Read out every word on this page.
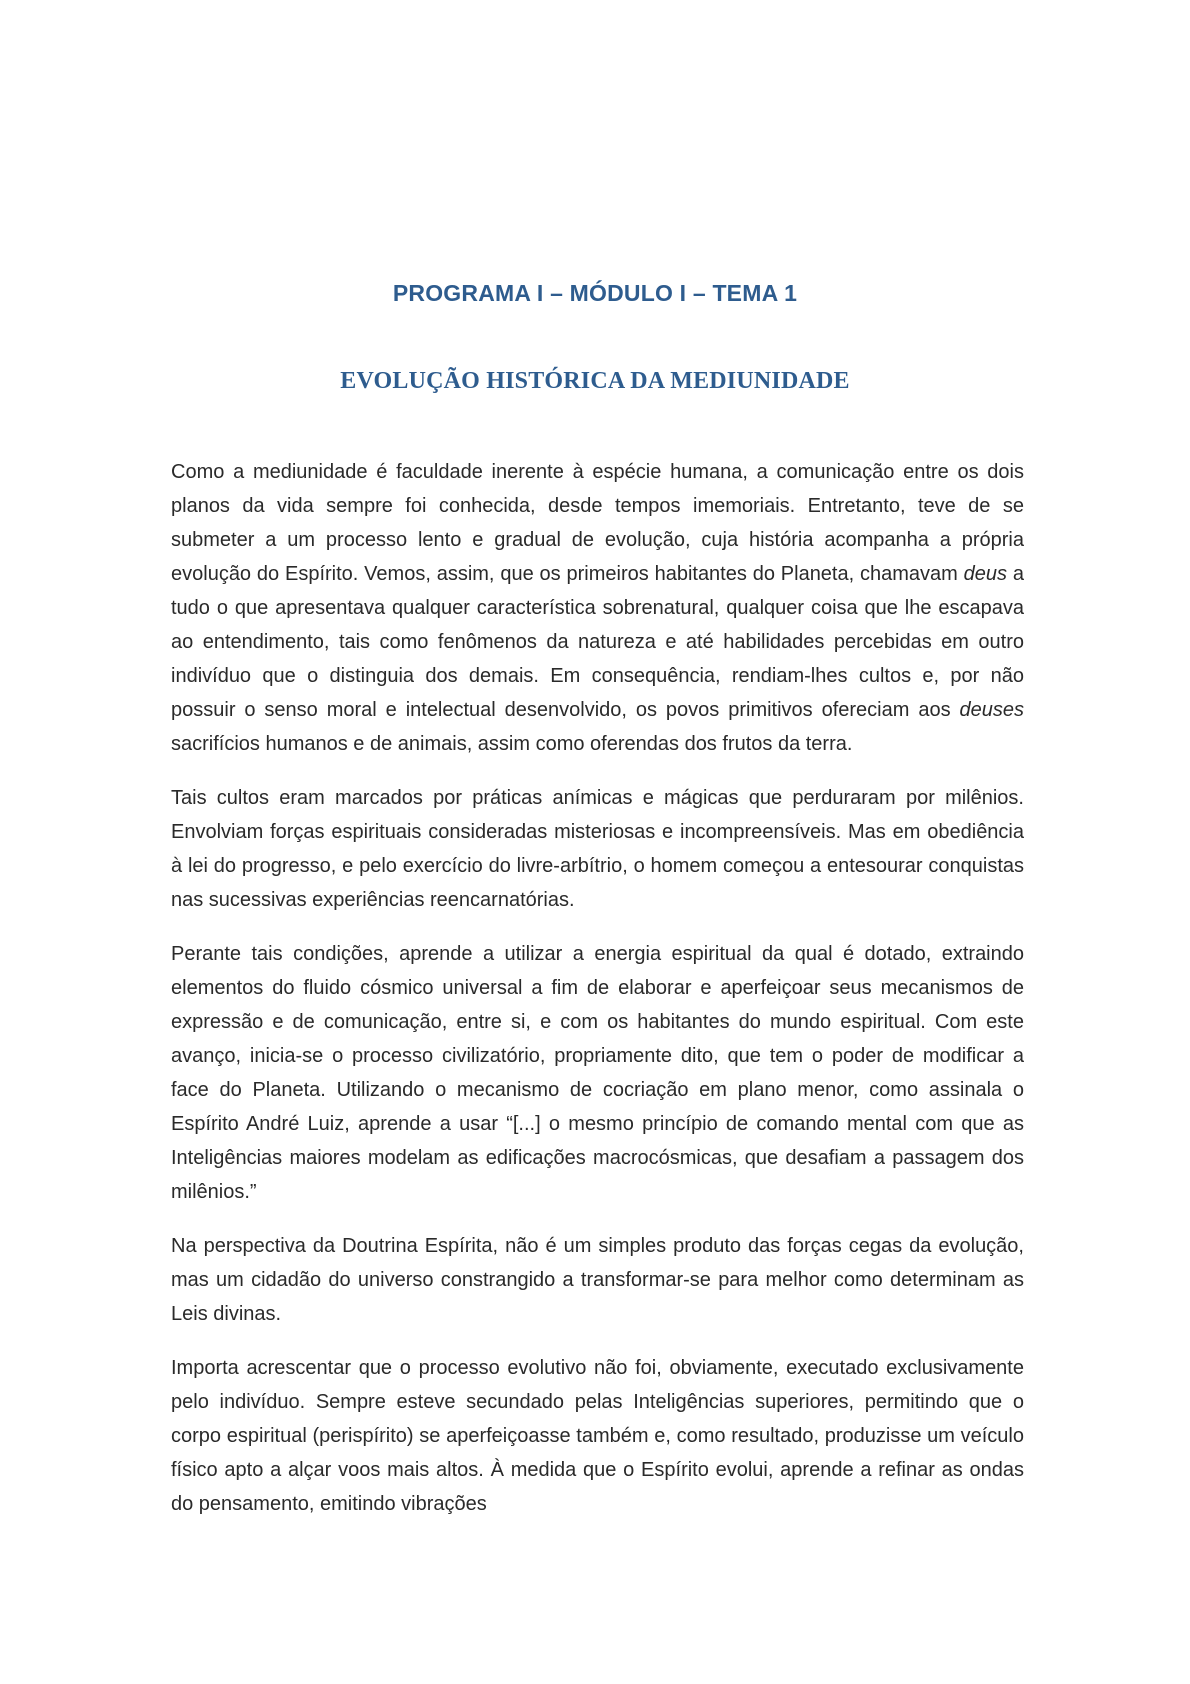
PROGRAMA I – MÓDULO I – TEMA 1
EVOLUÇÃO HISTÓRICA DA MEDIUNIDADE

Como a mediunidade é faculdade inerente à espécie humana, a comunicação entre os dois planos da vida sempre foi conhecida, desde tempos imemoriais. Entretanto, teve de se submeter a um processo lento e gradual de evolução, cuja história acompanha a própria evolução do Espírito. Vemos, assim, que os primeiros habitantes do Planeta, chamavam deus a tudo o que apresentava qualquer característica sobrenatural, qualquer coisa que lhe escapava ao entendimento, tais como fenômenos da natureza e até habilidades percebidas em outro indivíduo que o distinguia dos demais. Em consequência, rendiam-lhes cultos e, por não possuir o senso moral e intelectual desenvolvido, os povos primitivos ofereciam aos deuses sacrifícios humanos e de animais, assim como oferendas dos frutos da terra.

Tais cultos eram marcados por práticas anímicas e mágicas que perduraram por milênios. Envolviam forças espirituais consideradas misteriosas e incompreensíveis. Mas em obediência à lei do progresso, e pelo exercício do livre-arbítrio, o homem começou a entesourar conquistas nas sucessivas experiências reencarnatórias.

Perante tais condições, aprende a utilizar a energia espiritual da qual é dotado, extraindo elementos do fluido cósmico universal a fim de elaborar e aperfeiçoar seus mecanismos de expressão e de comunicação, entre si, e com os habitantes do mundo espiritual. Com este avanço, inicia-se o processo civilizatório, propriamente dito, que tem o poder de modificar a face do Planeta. Utilizando o mecanismo de cocriação em plano menor, como assinala o Espírito André Luiz, aprende a usar “[...] o mesmo princípio de comando mental com que as Inteligências maiores modelam as edificações macrocósmicas, que desafiam a passagem dos milênios.”

Na perspectiva da Doutrina Espírita, não é um simples produto das forças cegas da evolução, mas um cidadão do universo constrangido a transformar-se para melhor como determinam as Leis divinas.

Importa acrescentar que o processo evolutivo não foi, obviamente, executado exclusivamente pelo indivíduo. Sempre esteve secundado pelas Inteligências superiores, permitindo que o corpo espiritual (perispírito) se aperfeiçoasse também e, como resultado, produzisse um veículo físico apto a alçar voos mais altos. À medida que o Espírito evolui, aprende a refinar as ondas do pensamento, emitindo vibrações
